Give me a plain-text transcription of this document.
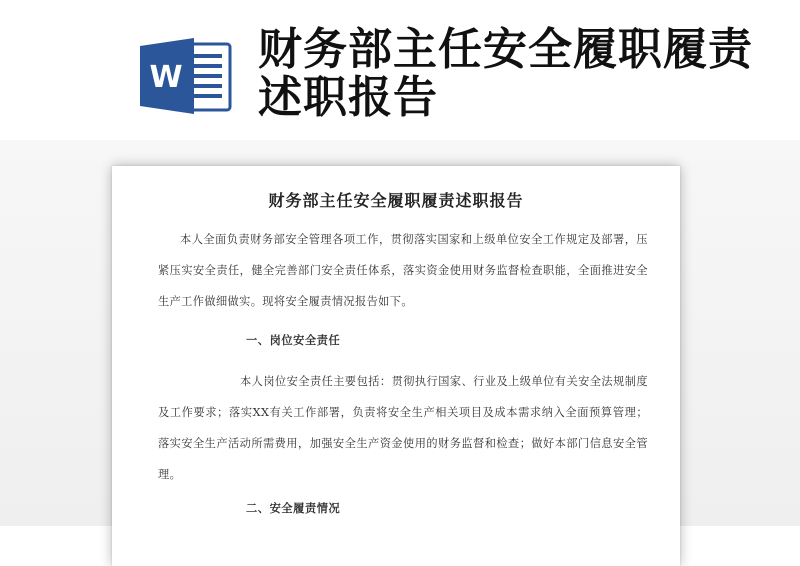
W
财务部主任安全履职履责述职报告
财务部主任安全履职履责述职报告

本人全面负责财务部安全管理各项工作，贯彻落实国家和上级单位安全工作规定及部署，压紧压实安全责任，健全完善部门安全责任体系，落实资金使用财务监督检查职能，全面推进安全生产工作做细做实。现将安全履责情况报告如下。

一、岗位安全责任

本人岗位安全责任主要包括：贯彻执行国家、行业及上级单位有关安全法规制度及工作要求；落实XX有关工作部署，负责将安全生产相关项目及成本需求纳入全面预算管理；落实安全生产活动所需费用，加强安全生产资金使用的财务监督和检查；做好本部门信息安全管理。

二、安全履责情况
